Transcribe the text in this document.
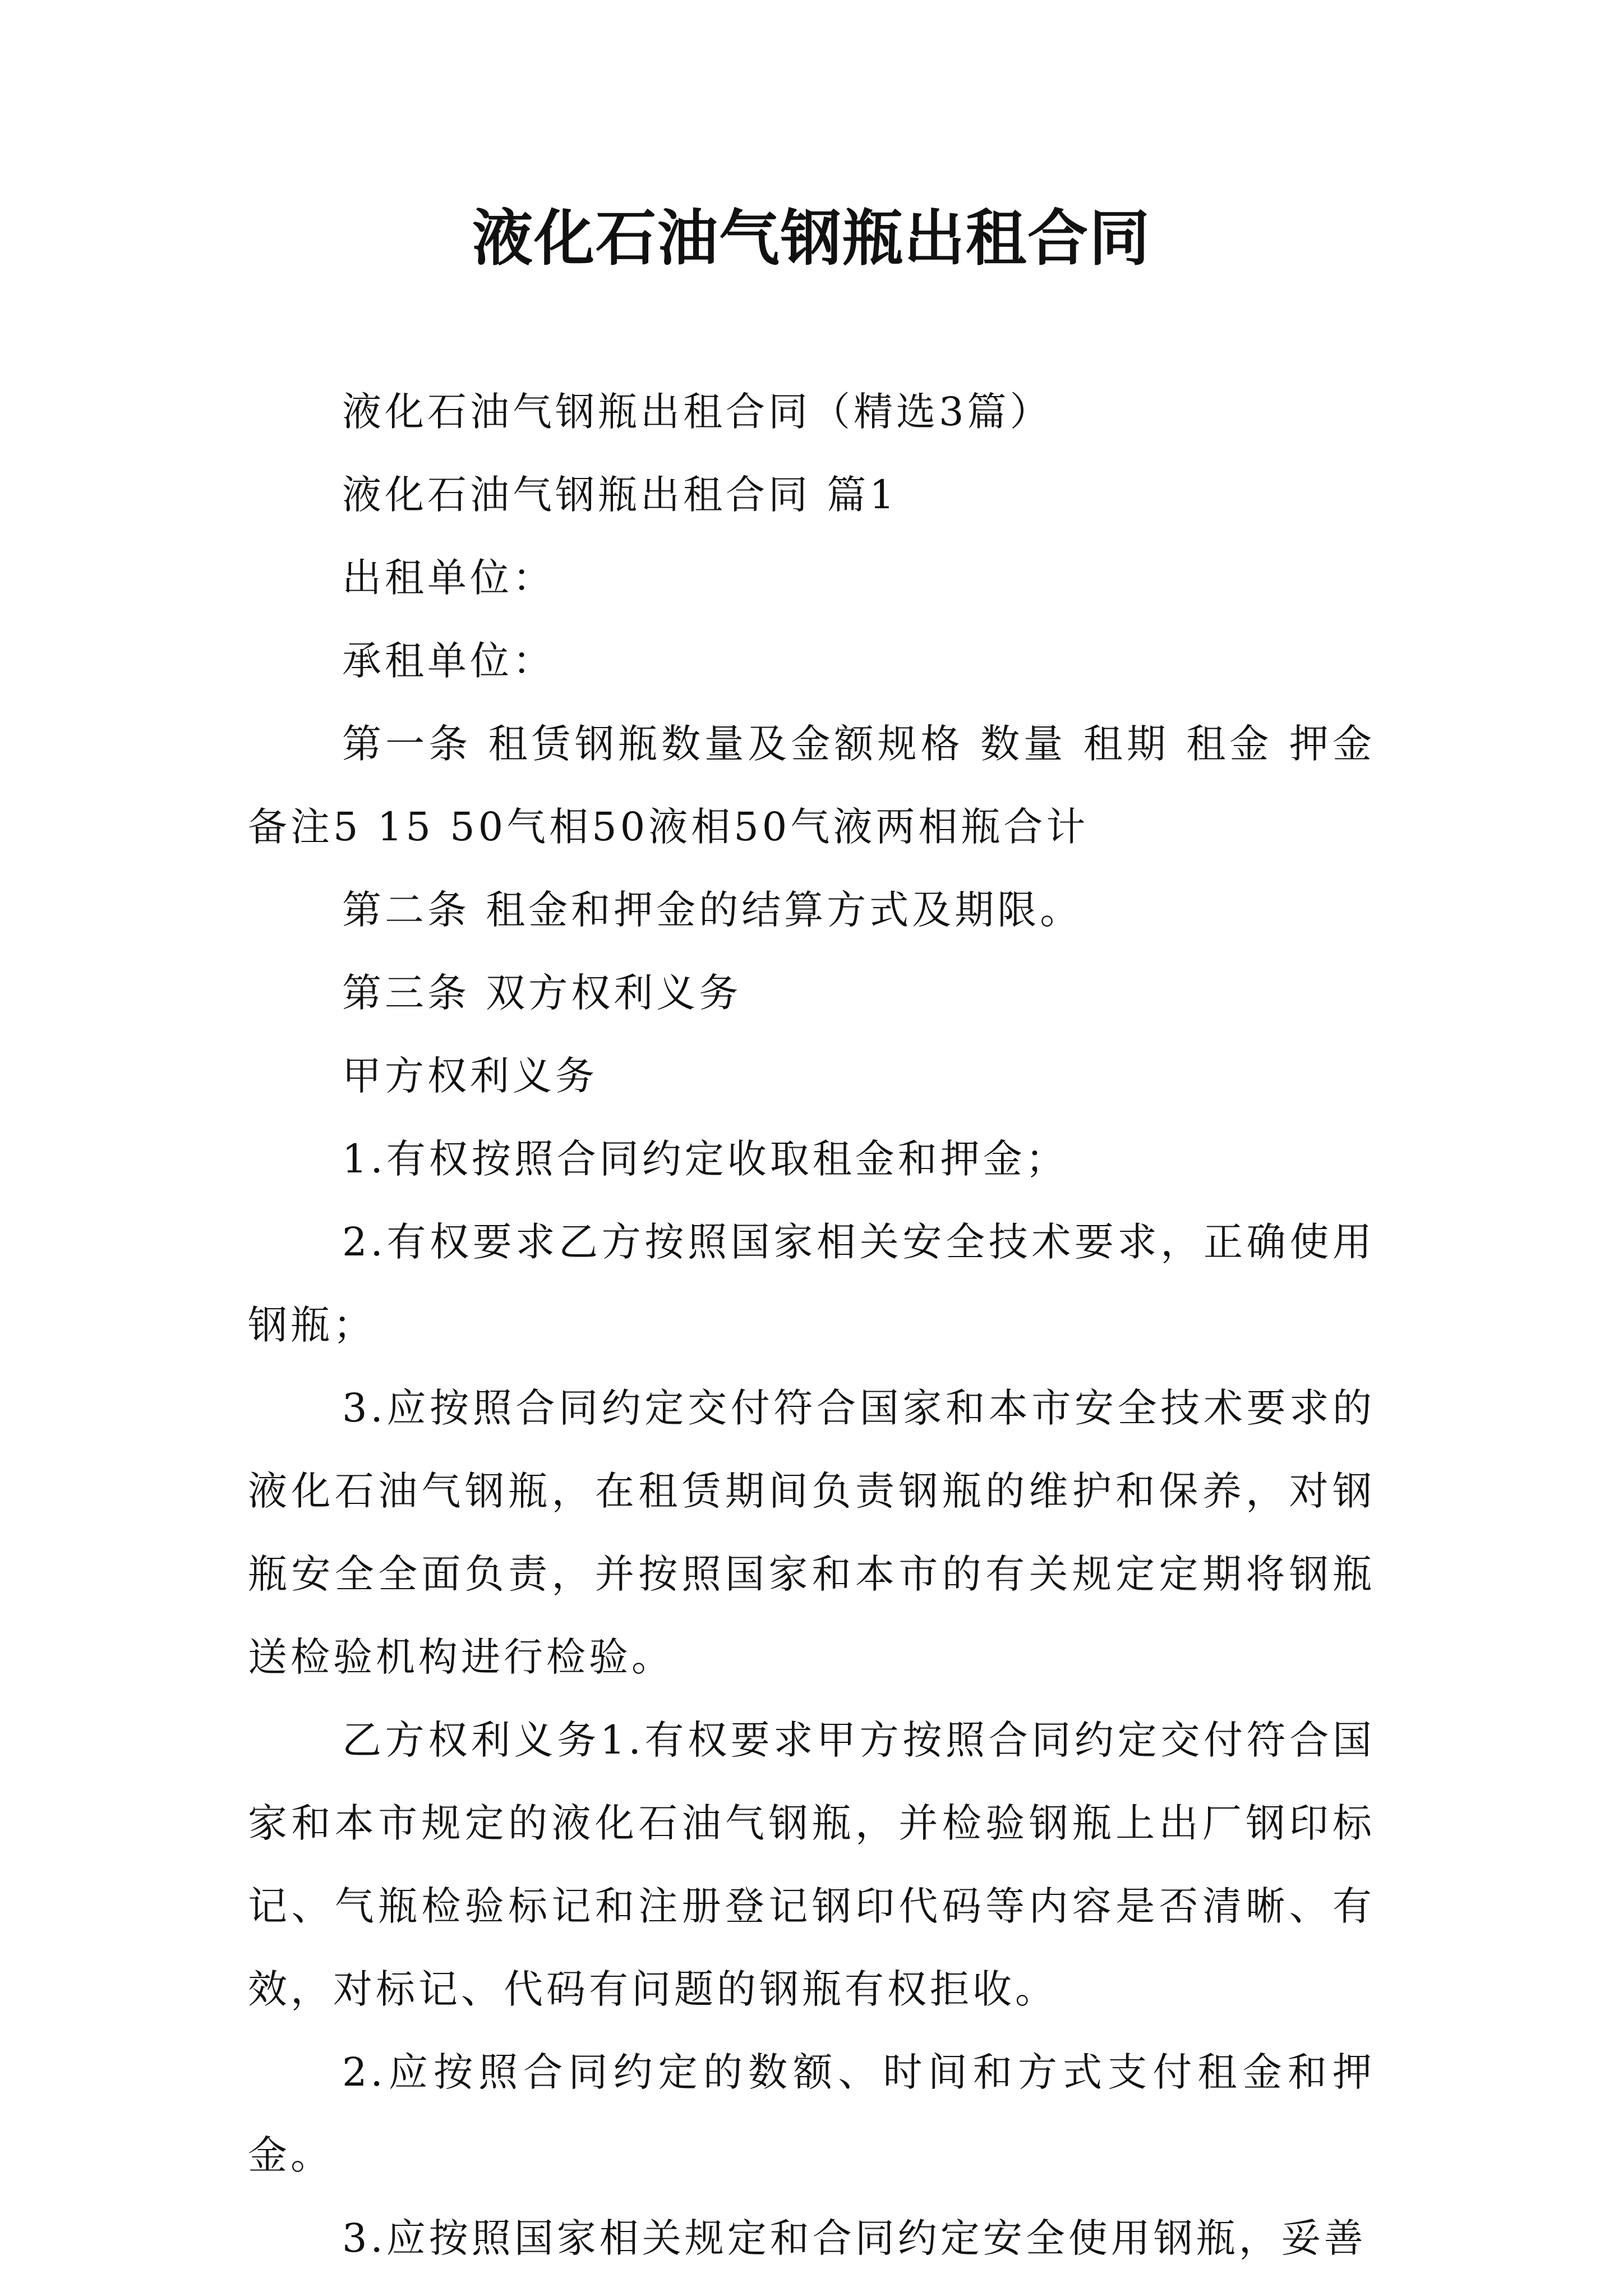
液化石油气钢瓶出租合同

液化石油气钢瓶出租合同（精选3篇）

液化石油气钢瓶出租合同 篇1

出租单位：

承租单位：

第一条 租赁钢瓶数量及金额规格 数量 租期 租金 押金 备注5 15 50气相50液相50气液两相瓶合计

第二条 租金和押金的结算方式及期限。

第三条 双方权利义务

甲方权利义务

1.有权按照合同约定收取租金和押金；

2.有权要求乙方按照国家相关安全技术要求，正确使用钢瓶；

3.应按照合同约定交付符合国家和本市安全技术要求的液化石油气钢瓶，在租赁期间负责钢瓶的维护和保养，对钢瓶安全全面负责，并按照国家和本市的有关规定定期将钢瓶送检验机构进行检验。

乙方权利义务1.有权要求甲方按照合同约定交付符合国家和本市规定的液化石油气钢瓶，并检验钢瓶上出厂钢印标记、气瓶检验标记和注册登记钢印代码等内容是否清晰、有效，对标记、代码有问题的钢瓶有权拒收。

2.应按照合同约定的数额、时间和方式支付租金和押金。

3.应按照国家相关规定和合同约定安全使用钢瓶，妥善
